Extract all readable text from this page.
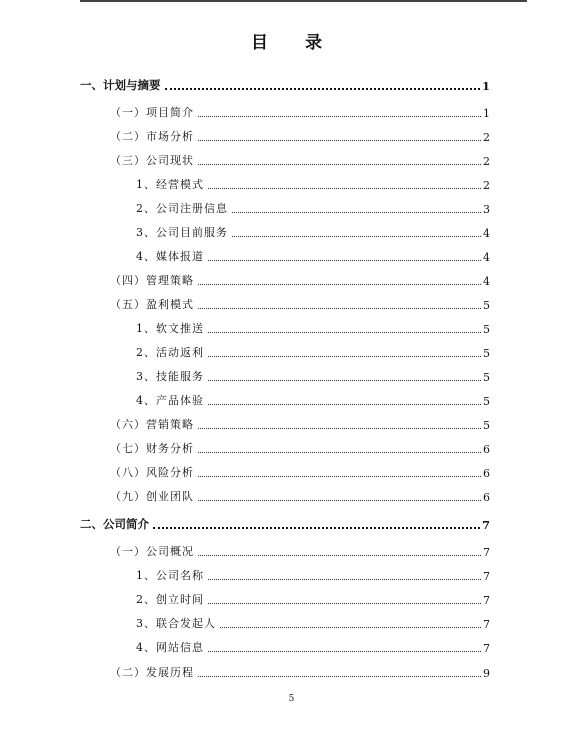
目　录
一、计划与摘要	1
（一）项目简介	1
（二）市场分析	2
（三）公司现状	2
1、经营模式	2
2、公司注册信息	3
3、公司目前服务	4
4、媒体报道	4
（四）管理策略	4
（五）盈利模式	5
1、软文推送	5
2、活动返利	5
3、技能服务	5
4、产品体验	5
（六）营销策略	5
（七）财务分析	6
（八）风险分析	6
（九）创业团队	6
二、公司简介	7
（一）公司概况	7
1、公司名称	7
2、创立时间	7
3、联合发起人	7
4、网站信息	7
（二）发展历程	9
5
